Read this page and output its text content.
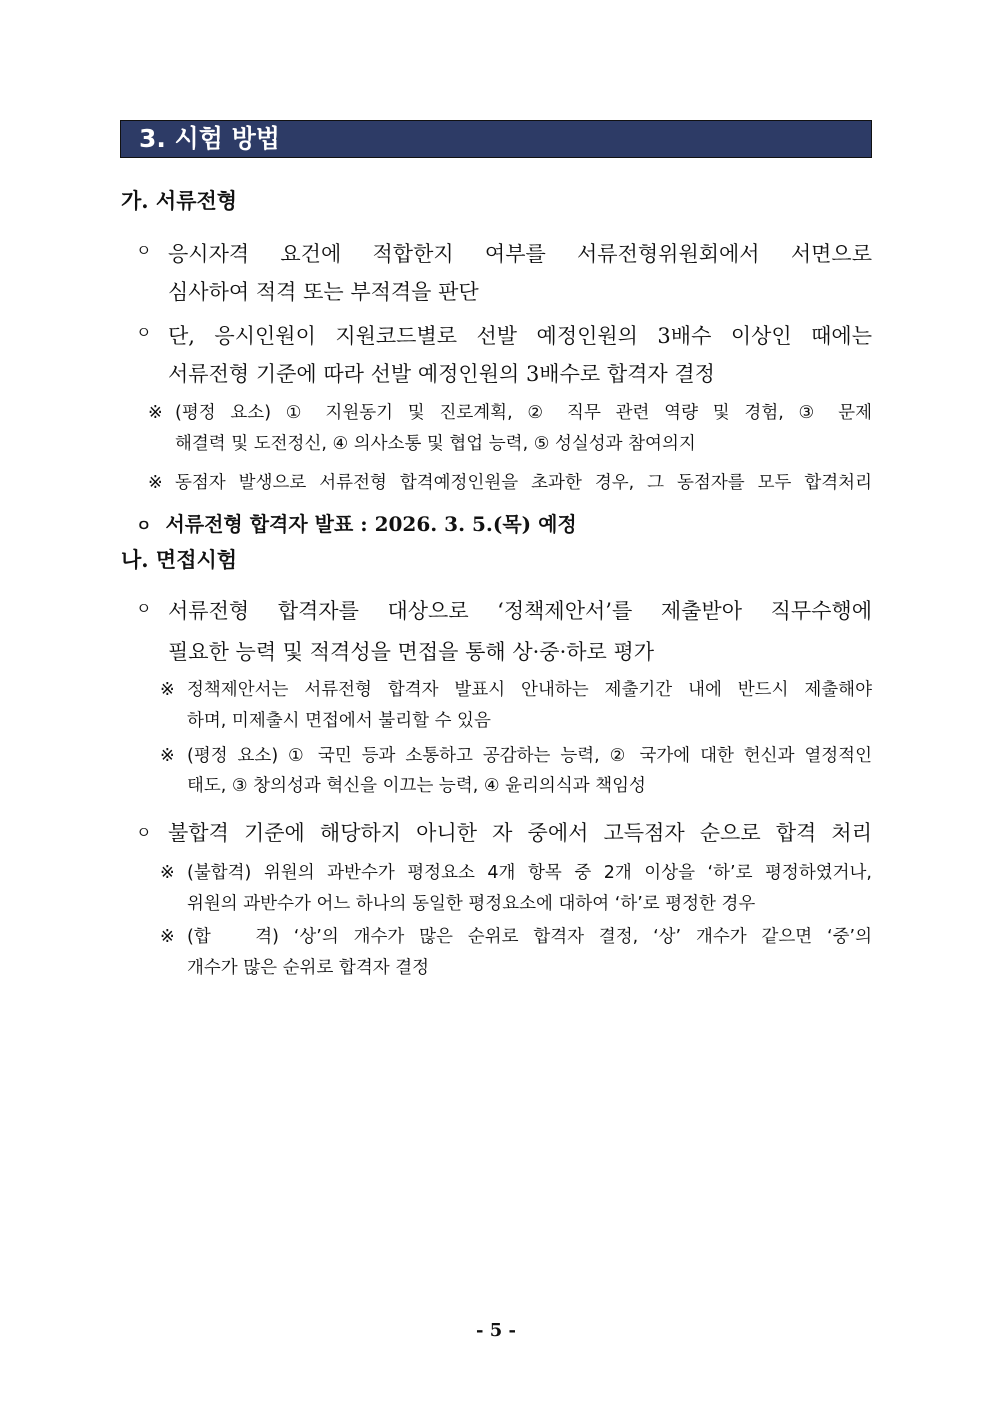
3. 시험 방법
가. 서류전형
ㅇ 응시자격 요건에 적합한지 여부를 서류전형위원회에서 서면으로
심사하여 적격 또는 부적격을 판단
ㅇ 단, 응시인원이 지원코드별로 선발 예정인원의 3배수 이상인 때에는
서류전형 기준에 따라 선발 예정인원의 3배수로 합격자 결정
※ (평정 요소) ① 지원동기 및 진로계획, ② 직무 관련 역량 및 경험, ③ 문제
해결력 및 도전정신, ④ 의사소통 및 협업 능력, ⑤ 성실성과 참여의지
※ 동점자 발생으로 서류전형 합격예정인원을 초과한 경우, 그 동점자를 모두 합격처리
ㅇ 서류전형 합격자 발표 : 2026. 3. 5.(목) 예정
나. 면접시험
ㅇ 서류전형 합격자를 대상으로 ‘정책제안서’를 제출받아 직무수행에
필요한 능력 및 적격성을 면접을 통해 상·중·하로 평가
※ 정책제안서는 서류전형 합격자 발표시 안내하는 제출기간 내에 반드시 제출해야
하며, 미제출시 면접에서 불리할 수 있음
※ (평정 요소) ① 국민 등과 소통하고 공감하는 능력, ② 국가에 대한 헌신과 열정적인
태도, ③ 창의성과 혁신을 이끄는 능력, ④ 윤리의식과 책임성
ㅇ 불합격 기준에 해당하지 아니한 자 중에서 고득점자 순으로 합격 처리
※ (불합격) 위원의 과반수가 평정요소 4개 항목 중 2개 이상을 ‘하’로 평정하였거나,
위원의 과반수가 어느 하나의 동일한 평정요소에 대하여 ‘하’로 평정한 경우
※ (합   격) ‘상’의 개수가 많은 순위로 합격자 결정, ‘상’ 개수가 같으면 ‘중’의
개수가 많은 순위로 합격자 결정
- 5 -
